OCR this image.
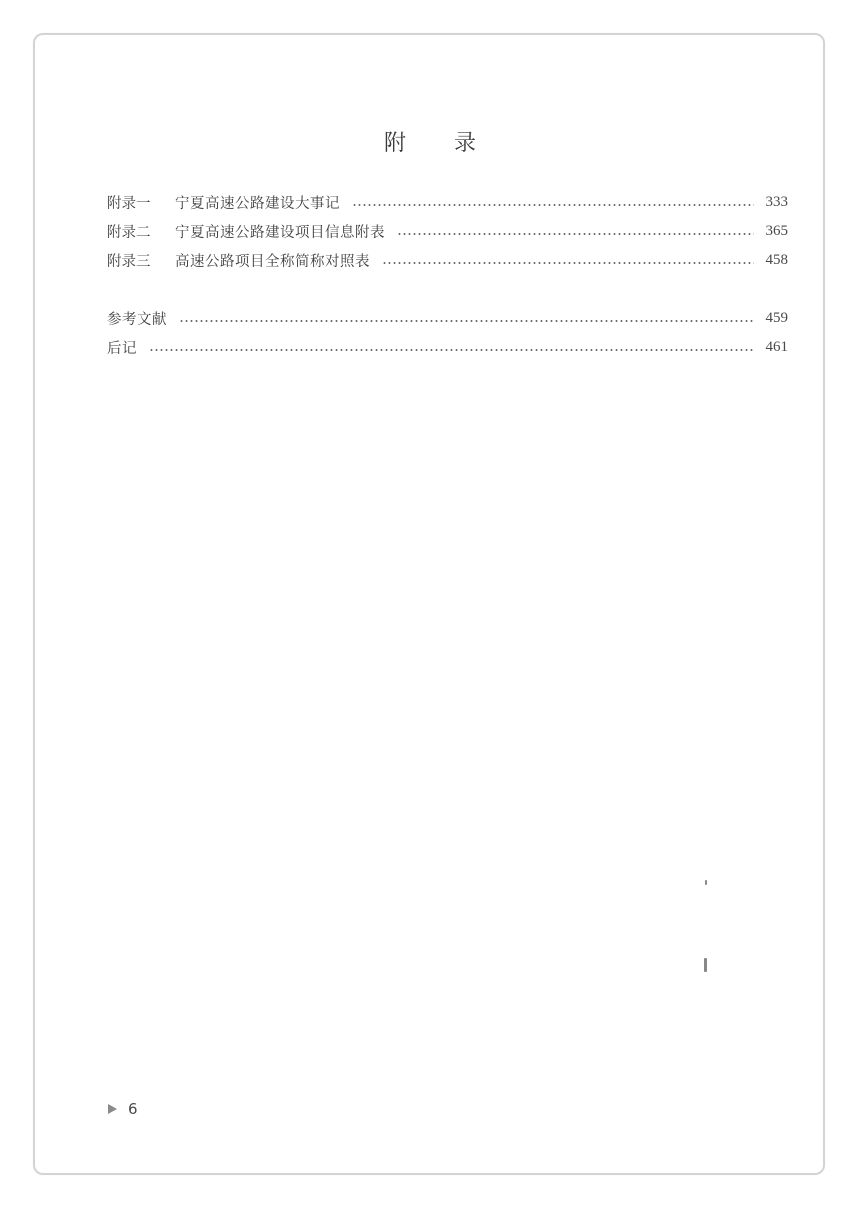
附 录
附录一	宁夏高速公路建设大事记	333
附录二	宁夏高速公路建设项目信息附表	365
附录三	高速公路项目全称简称对照表	458
参考文献	459
后记	461
6
